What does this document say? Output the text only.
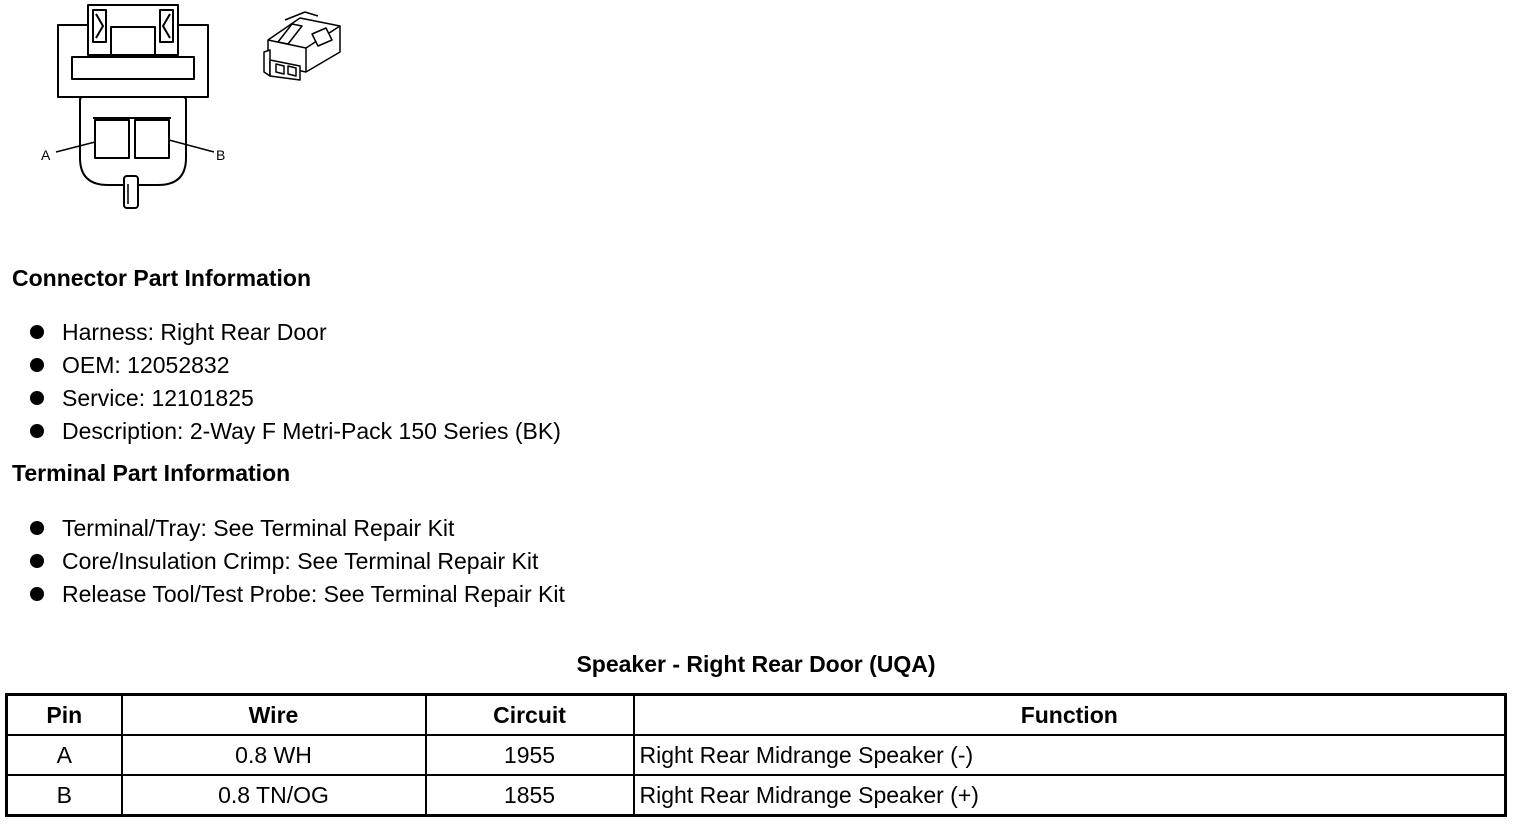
A	B
Connector Part Information
Harness: Right Rear Door
OEM: 12052832
Service: 12101825
Description: 2-Way F Metri-Pack 150 Series (BK)
Terminal Part Information
Terminal/Tray: See Terminal Repair Kit
Core/Insulation Crimp: See Terminal Repair Kit
Release Tool/Test Probe: See Terminal Repair Kit
Speaker - Right Rear Door (UQA)
Pin	Wire	Circuit	Function
A	0.8 WH	1955	Right Rear Midrange Speaker (-)
B	0.8 TN/OG	1855	Right Rear Midrange Speaker (+)
